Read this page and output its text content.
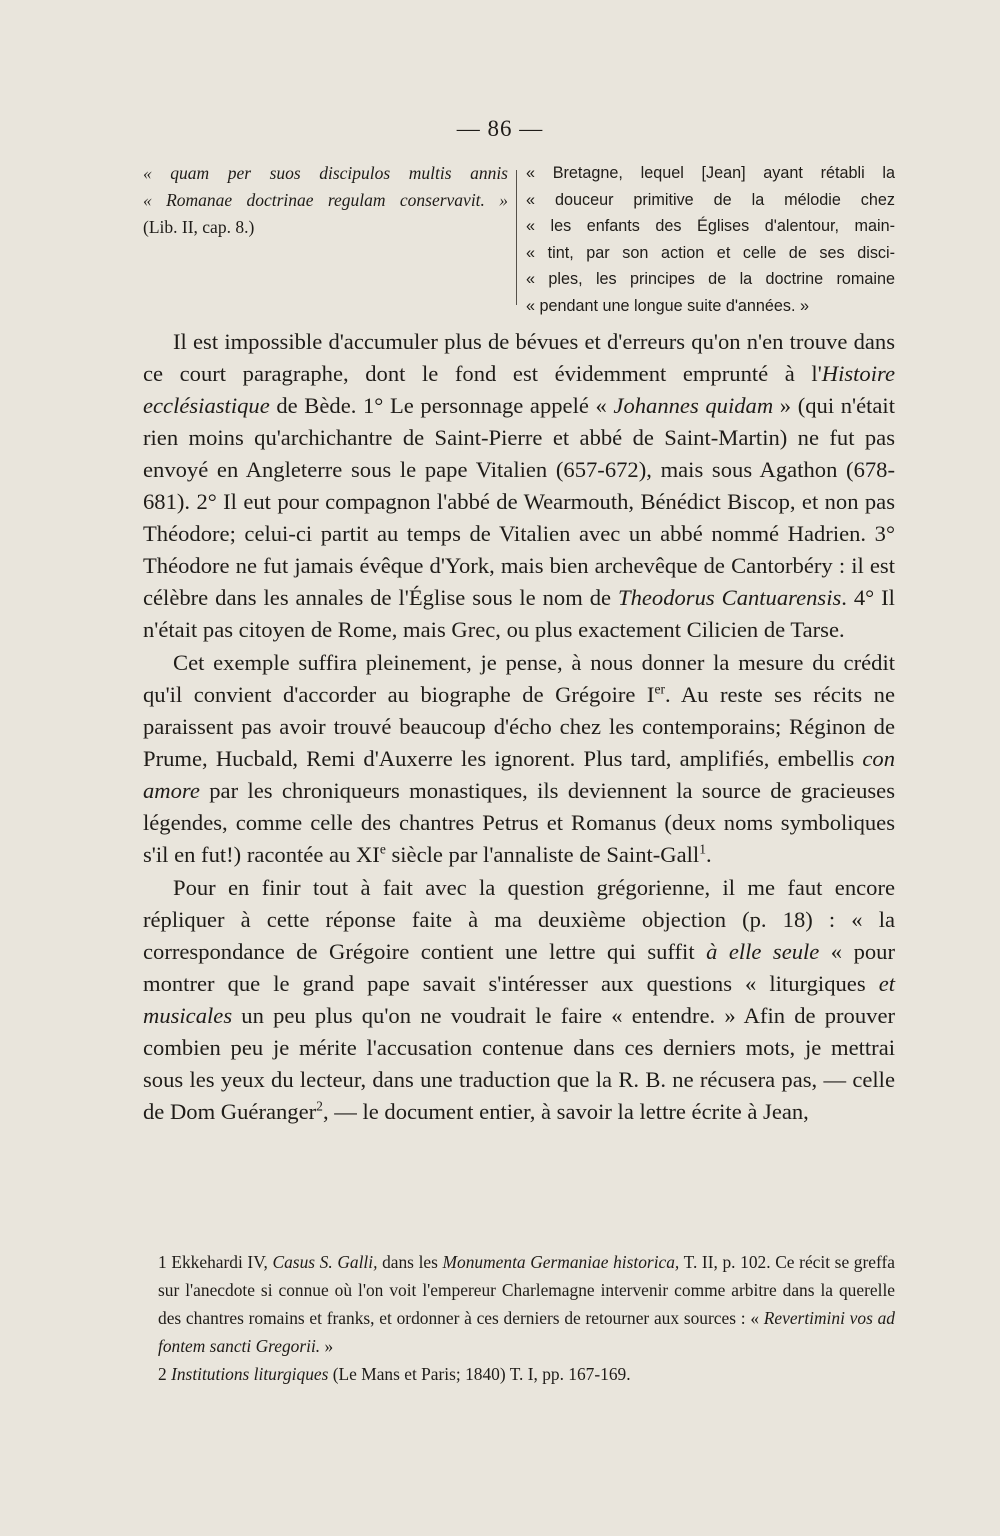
— 86 —
« quam per suos discipulos multis annis
« Romanae doctrinae regulam conservavit. »
(Lib. II, cap. 8.)
« Bretagne, lequel [Jean] ayant rétabli la
« douceur primitive de la mélodie chez
« les enfants des Églises d'alentour, main-
« tint, par son action et celle de ses disci-
« ples, les principes de la doctrine romaine
« pendant une longue suite d'années. »

Il est impossible d'accumuler plus de bévues et d'erreurs qu'on n'en trouve dans ce court paragraphe, dont le fond est évidemment emprunté à l'Histoire ecclésiastique de Bède. 1° Le personnage appelé « Johannes quidam » (qui n'était rien moins qu'archichantre de Saint-Pierre et abbé de Saint-Martin) ne fut pas envoyé en Angleterre sous le pape Vitalien (657-672), mais sous Agathon (678-681). 2° Il eut pour compagnon l'abbé de Wearmouth, Bénédict Biscop, et non pas Théodore; celui-ci partit au temps de Vitalien avec un abbé nommé Hadrien. 3° Théodore ne fut jamais évêque d'York, mais bien archevêque de Cantorbéry : il est célèbre dans les annales de l'Église sous le nom de Theodorus Cantuarensis. 4° Il n'était pas citoyen de Rome, mais Grec, ou plus exactement Cilicien de Tarse.

Cet exemple suffira pleinement, je pense, à nous donner la mesure du crédit qu'il convient d'accorder au biographe de Grégoire Ier. Au reste ses récits ne paraissent pas avoir trouvé beaucoup d'écho chez les contemporains; Réginon de Prume, Hucbald, Remi d'Auxerre les ignorent. Plus tard, amplifiés, embellis con amore par les chroniqueurs monastiques, ils deviennent la source de gracieuses légendes, comme celle des chantres Petrus et Romanus (deux noms symboliques s'il en fut!) racontée au XIe siècle par l'annaliste de Saint-Gall$^1$.

Pour en finir tout à fait avec la question grégorienne, il me faut encore répliquer à cette réponse faite à ma deuxième objection (p. 18) : « la correspondance de Grégoire contient une lettre qui suffit à elle seule « pour montrer que le grand pape savait s'intéresser aux questions « liturgiques et musicales un peu plus qu'on ne voudrait le faire « entendre. » Afin de prouver combien peu je mérite l'accusation contenue dans ces derniers mots, je mettrai sous les yeux du lecteur, dans une traduction que la R. B. ne récusera pas, — celle de Dom Guéranger$^2$, — le document entier, à savoir la lettre écrite à Jean,

1 Ekkehardi IV, Casus S. Galli, dans les Monumenta Germaniae historica, T. II, p. 102. Ce récit se greffa sur l'anecdote si connue où l'on voit l'empereur Charlemagne intervenir comme arbitre dans la querelle des chantres romains et franks, et ordonner à ces derniers de retourner aux sources : « Revertimini vos ad fontem sancti Gregorii. »

2 Institutions liturgiques (Le Mans et Paris; 1840) T. I, pp. 167-169.
